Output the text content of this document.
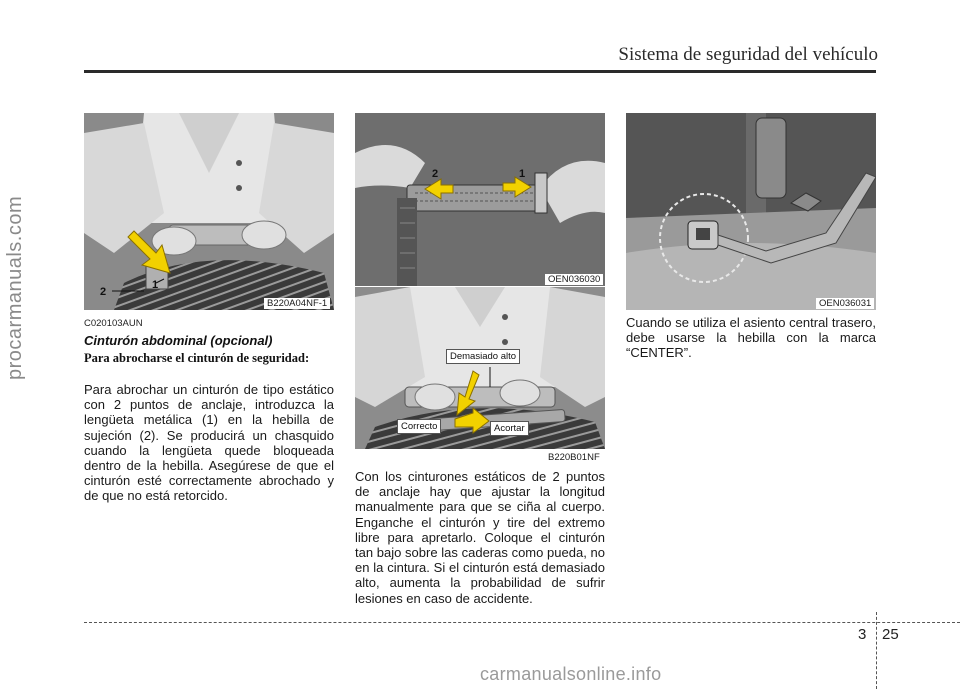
Sistema de seguridad del vehículo
procarmanuals.com	1
2
B220A04NF-1
1
2
OEN036030
Demasiado alto
Correcto	Acortar
B220B01NF
OEN036031
C020103AUN
Cinturón abdominal (opcional)
Para abrocharse el cinturón de seguridad:
Para abrochar un cinturón de tipo estático con 2 puntos de anclaje, introduzca la lengüeta metálica (1) en la hebilla de sujeción (2). Se producirá un chasquido cuando la lengüeta quede bloqueada dentro de la hebilla. Asegúrese de que el cinturón esté correctamente abrochado y de que no está retorcido.
Con los cinturones estáticos de 2 puntos de anclaje hay que ajustar la longitud manualmente para que se ciña al cuerpo. Enganche el cinturón y tire del extremo libre para apretarlo. Coloque el cinturón tan bajo sobre las caderas como pueda, no en la cintura. Si el cinturón está demasiado alto, aumenta la probabilidad de sufrir lesiones en caso de accidente.
Cuando se utiliza el asiento central trasero, debe usarse la hebilla con la marca “CENTER”.
3 25
carmanualsonline.info
